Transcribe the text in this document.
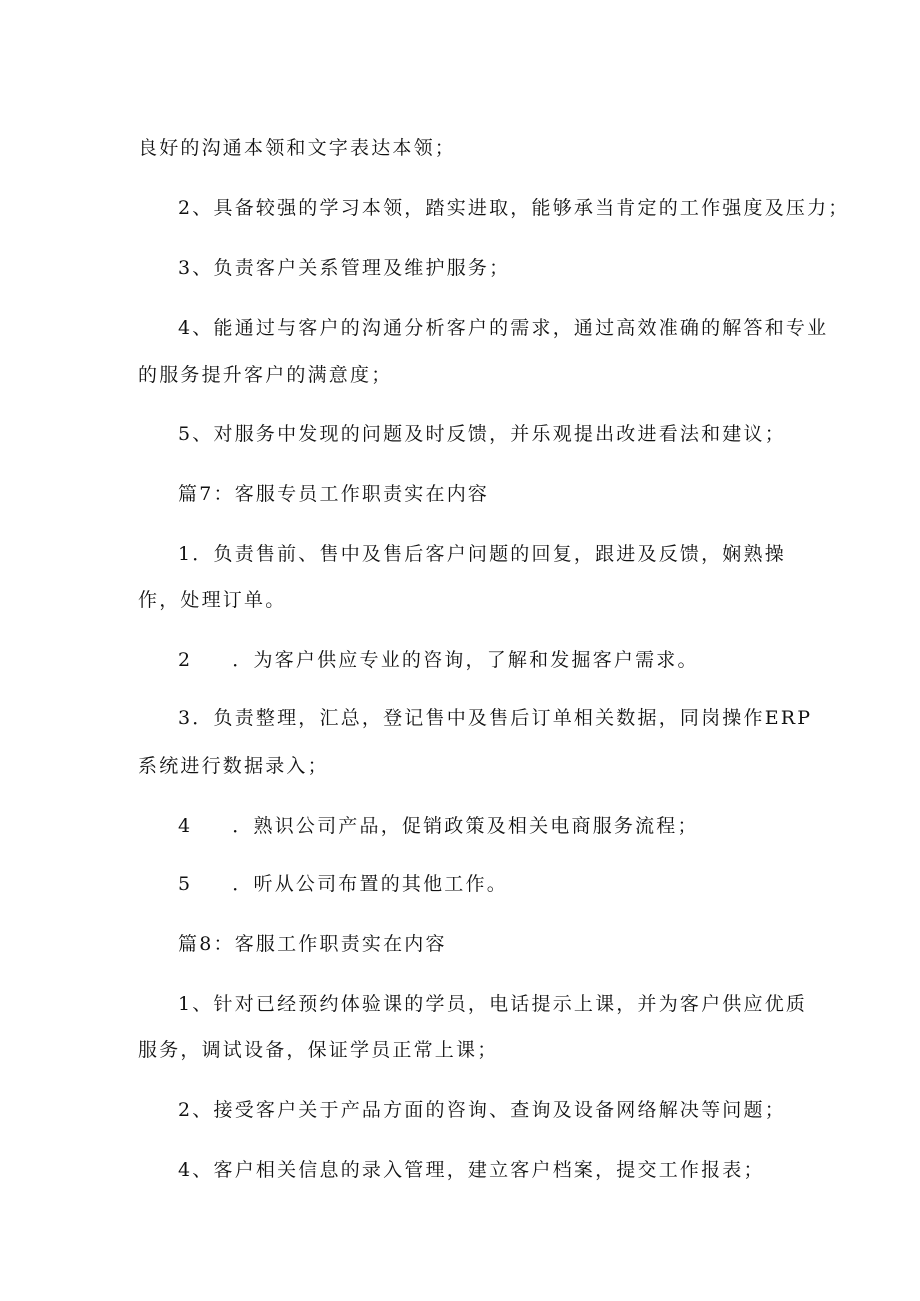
良好的沟通本领和文字表达本领；
2、具备较强的学习本领，踏实进取，能够承当肯定的工作强度及压力；
3、负责客户关系管理及维护服务；
4、能通过与客户的沟通分析客户的需求，通过高效准确的解答和专业
的服务提升客户的满意度；
5、对服务中发现的问题及时反馈，并乐观提出改进看法和建议；
篇7：客服专员工作职责实在内容
1．负责售前、售中及售后客户问题的回复，跟进及反馈，娴熟操
作，处理订单。
2 ．为客户供应专业的咨询，了解和发掘客户需求。
3．负责整理，汇总，登记售中及售后订单相关数据，同岗操作ERP
系统进行数据录入；
4 ．熟识公司产品，促销政策及相关电商服务流程；
5 ．听从公司布置的其他工作。
篇8：客服工作职责实在内容
1、针对已经预约体验课的学员，电话提示上课，并为客户供应优质
服务，调试设备，保证学员正常上课；
2、接受客户关于产品方面的咨询、查询及设备网络解决等问题；
4、客户相关信息的录入管理，建立客户档案，提交工作报表；
